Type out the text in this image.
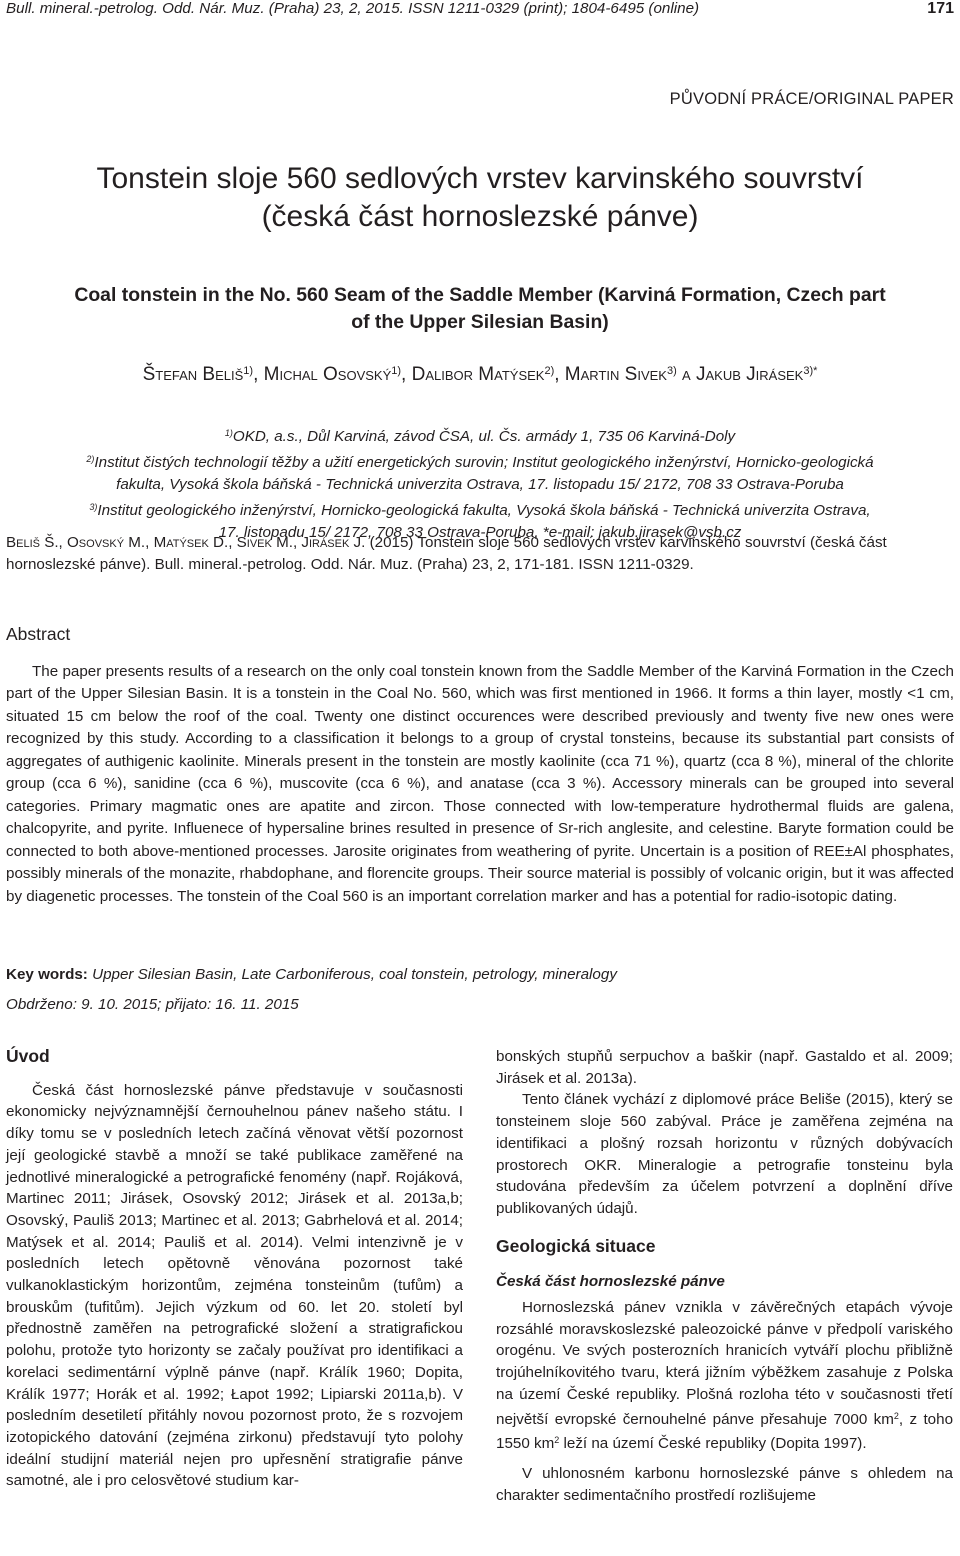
Bull. mineral.-petrolog. Odd. Nár. Muz. (Praha) 23, 2, 2015. ISSN 1211-0329 (print); 1804-6495 (online)	171
PŮVODNÍ PRÁCE/ORIGINAL PAPER
Tonstein sloje 560 sedlových vrstev karvinského souvrství
(česká část hornoslezské pánve)
Coal tonstein in the No. 560 Seam of the Saddle Member (Karviná Formation, Czech part
of the Upper Silesian Basin)
Štefan Beliš$^{1)}$, Michal Osovský$^{1)}$, Dalibor Matýsek$^{2)}$, Martin Sivek$^{3)}$ a Jakub Jirásek$^{3)*}$
$^{1)}$OKD, a.s., Důl Karviná, závod ČSA, ul. Čs. armády 1, 735 06 Karviná-Doly
$^{2)}$Institut čistých technologií těžby a užití energetických surovin; Institut geologického inženýrství, Hornicko-geologická
fakulta, Vysoká škola báňská - Technická univerzita Ostrava, 17. listopadu 15/ 2172, 708 33 Ostrava-Poruba
$^{3)}$Institut geologického inženýrství, Hornicko-geologická fakulta, Vysoká škola báňská - Technická univerzita Ostrava,
17. listopadu 15/ 2172, 708 33 Ostrava-Poruba, *e-mail: jakub.jirasek@vsb.cz
Beliš Š., Osovský M., Matýsek D., Sivek M., Jirásek J. (2015) Tonstein sloje 560 sedlových vrstev karvinského souvrství (česká část hornoslezské pánve). Bull. mineral.-petrolog. Odd. Nár. Muz. (Praha) 23, 2, 171-181. ISSN 1211-0329.
Abstract
The paper presents results of a research on the only coal tonstein known from the Saddle Member of the Karviná Formation in the Czech part of the Upper Silesian Basin. It is a tonstein in the Coal No. 560, which was first mentioned in 1966. It forms a thin layer, mostly <1 cm, situated 15 cm below the roof of the coal. Twenty one distinct occurences were described previously and twenty five new ones were recognized by this study. According to a classification it belongs to a group of crystal tonsteins, because its substantial part consists of aggregates of authigenic kaolinite. Minerals present in the tonstein are mostly kaolinite (cca 71 %), quartz (cca 8 %), mineral of the chlorite group (cca 6 %), sanidine (cca 6 %), muscovite (cca 6 %), and anatase (cca 3 %). Accessory minerals can be grouped into several categories. Primary magmatic ones are apatite and zircon. Those connected with low-temperature hydrothermal fluids are galena, chalcopyrite, and pyrite. Influenece of hypersaline brines resulted in presence of Sr-rich anglesite, and celestine. Baryte formation could be connected to both above-mentioned processes. Jarosite originates from weathering of pyrite. Uncertain is a position of REE±Al phosphates, possibly minerals of the monazite, rhabdophane, and florencite groups. Their source material is possibly of volcanic origin, but it was affected by diagenetic processes. The tonstein of the Coal 560 is an important correlation marker and has a potential for radio-isotopic dating.
Key words: Upper Silesian Basin, Late Carboniferous, coal tonstein, petrology, mineralogy
Obdrženo: 9. 10. 2015; přijato: 16. 11. 2015
Úvod

Česká část hornoslezské pánve představuje v současnosti ekonomicky nejvýznamnější černouhelnou pánev našeho státu. I díky tomu se v posledních letech začíná věnovat větší pozornost její geologické stavbě a množí se také publikace zaměřené na jednotlivé mineralogické a petrografické fenomény (např. Rojáková, Martinec 2011; Jirásek, Osovský 2012; Jirásek et al. 2013a,b; Osovský, Pauliš 2013; Martinec et al. 2013; Gabrhelová et al. 2014; Matýsek et al. 2014; Pauliš et al. 2014). Velmi intenzivně je v posledních letech opětovně věnována pozornost také vulkanoklastickým horizontům, zejména tonsteinům (tufům) a brouskům (tufitům). Jejich výzkum od 60. let 20. století byl přednostně zaměřen na petrografické složení a stratigrafickou polohu, protože tyto horizonty se začaly používat pro identifikaci a korelaci sedimentární výplně pánve (např. Králík 1960; Dopita, Králík 1977; Horák et al. 1992; Łapot 1992; Lipiarski 2011a,b). V posledním desetiletí přitáhly novou pozornost proto, že s rozvojem izotopického datování (zejména zirkonu) představují tyto polohy ideální studijní materiál nejen pro upřesnění stratigrafie pánve samotné, ale i pro celosvětové studium kar-

bonských stupňů serpuchov a baškir (např. Gastaldo et al. 2009; Jirásek et al. 2013a).

Tento článek vychází z diplomové práce Beliše (2015), který se tonsteinem sloje 560 zabýval. Práce je zaměřena zejména na identifikaci a plošný rozsah horizontu v různých dobývacích prostorech OKR. Mineralogie a petrografie tonsteinu byla studována především za účelem potvrzení a doplnění dříve publikovaných údajů.

Geologická situace
Česká část hornoslezské pánve

Hornoslezská pánev vznikla v závěrečných etapách vývoje rozsáhlé moravskoslezské paleozoické pánve v předpolí variského orogénu. Ve svých posterozních hranicích vytváří plochu přibližně trojúhelníkovitého tvaru, která jižním výběžkem zasahuje z Polska na území České republiky. Plošná rozloha této v současnosti třetí největší evropské černouhelné pánve přesahuje 7000 $km^2$, z toho 1550 $km^2$ leží na území České republiky (Dopita 1997).

V uhlonosném karbonu hornoslezské pánve s ohledem na charakter sedimentačního prostředí rozlišujeme
